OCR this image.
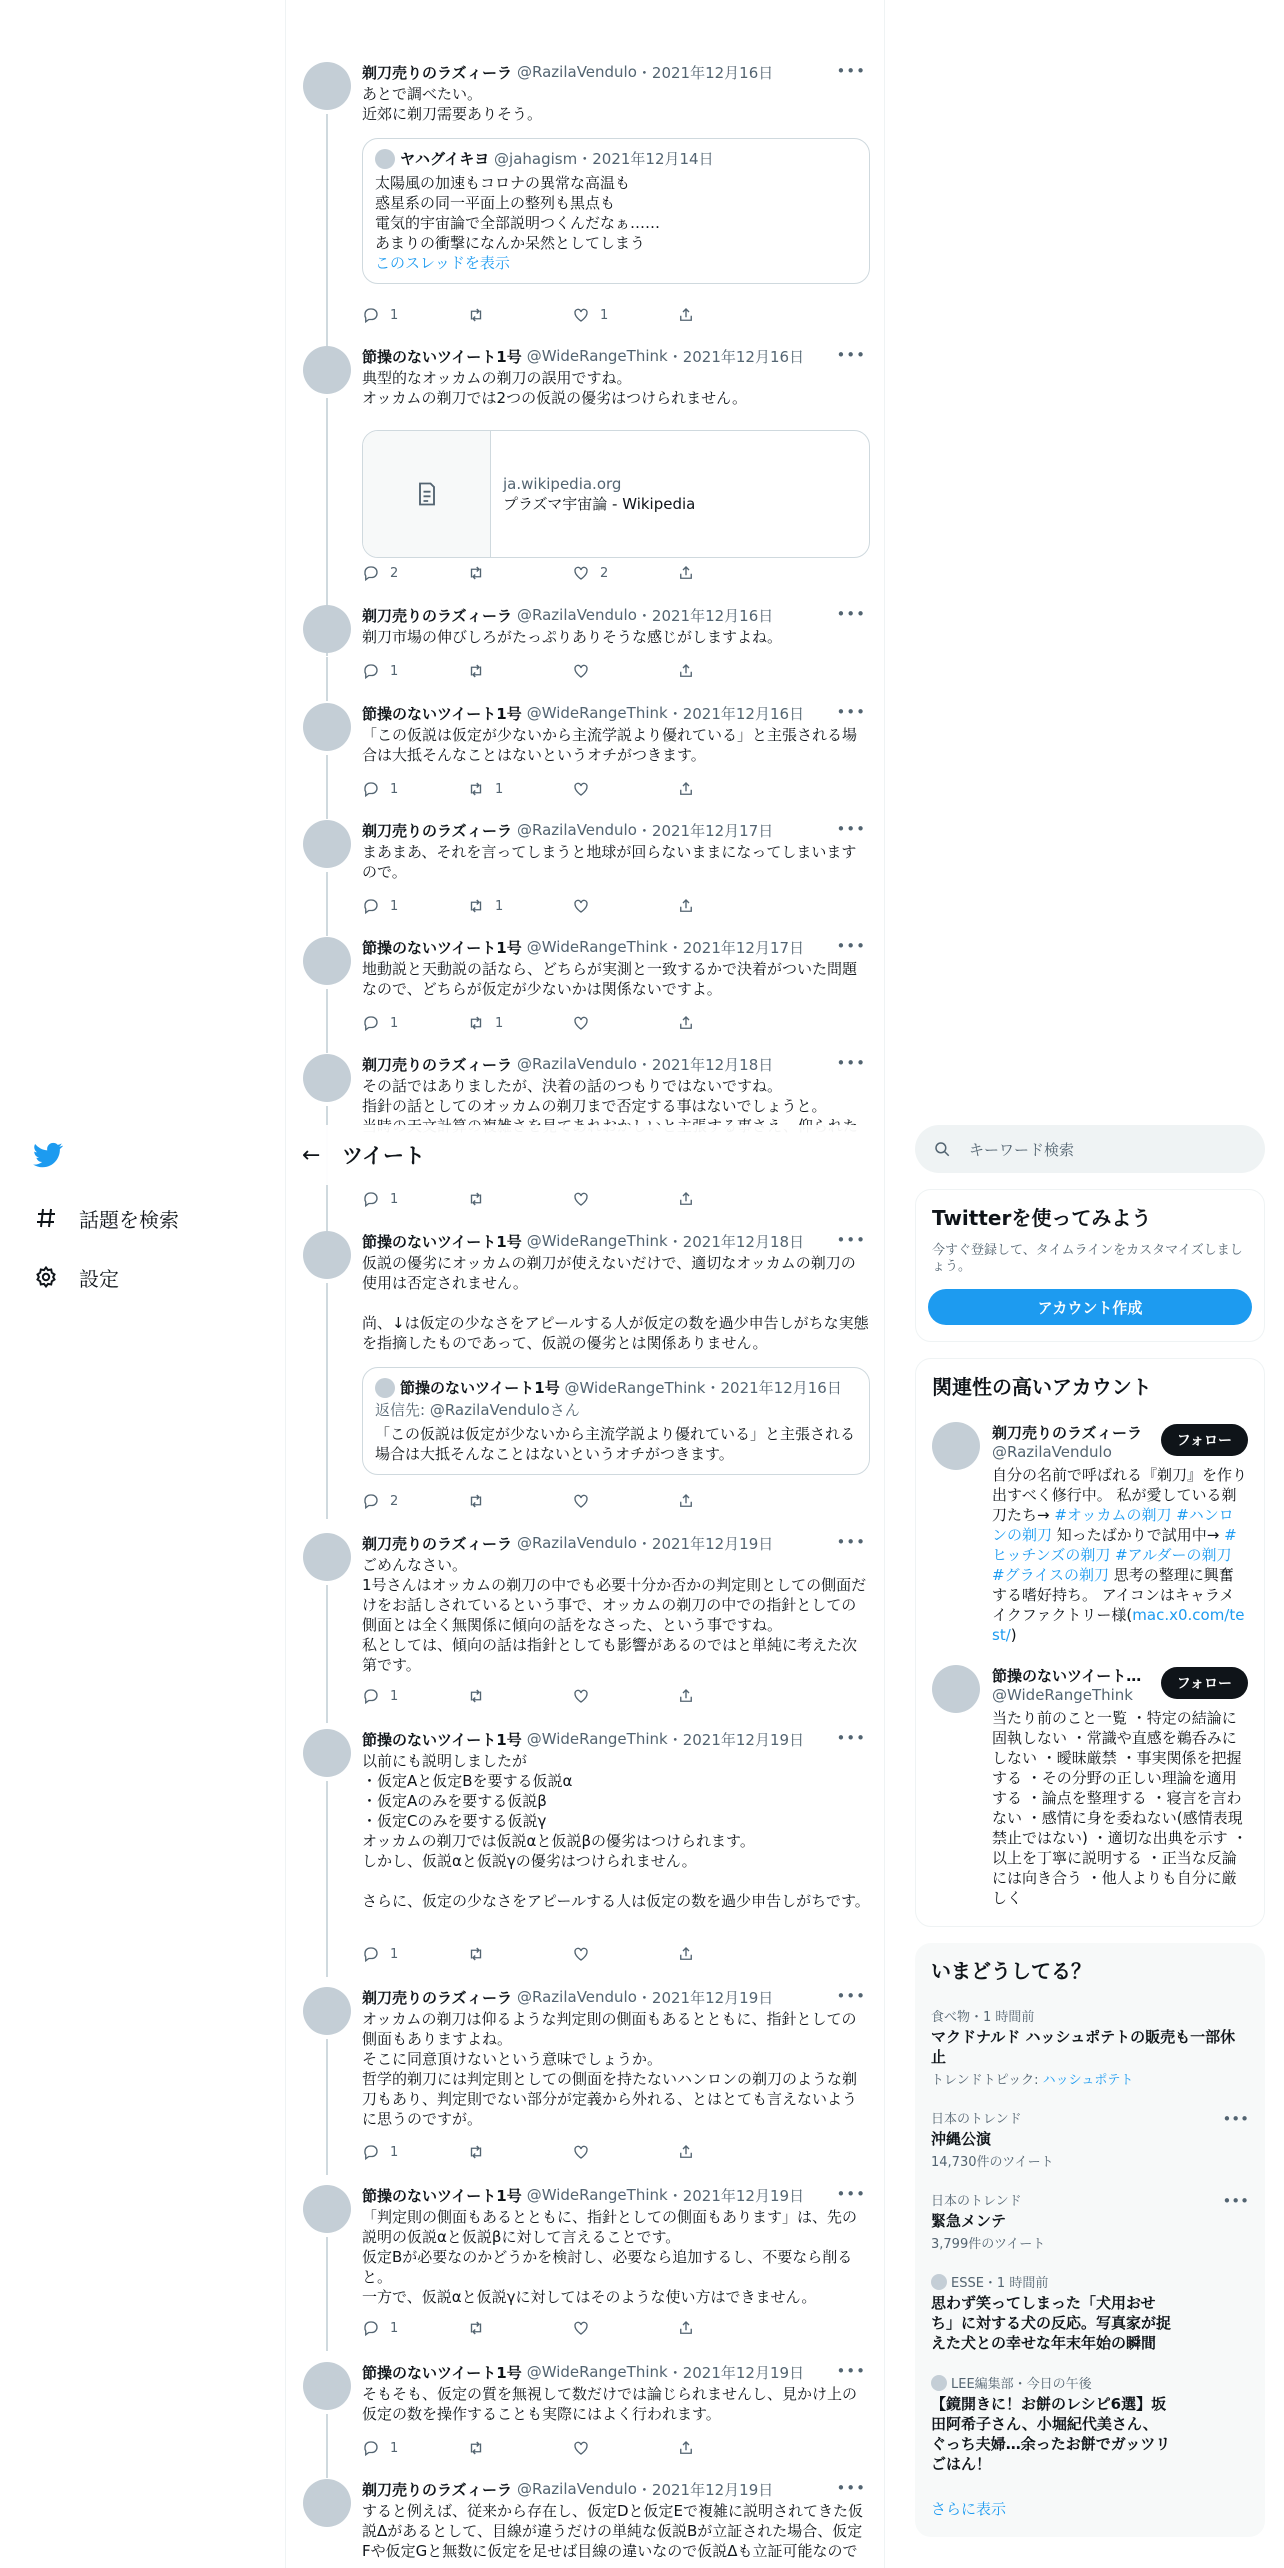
剃刀売りのラズィーラ @RazilaVendulo ・ 2021年12月16日	•••
あとで調べたい。
近郊に剃刀需要ありそう。
ヤハグイキヨ
@jahagism ・ 2021年12月14日
太陽風の加速もコロナの異常な高温も
惑星系の同一平面上の整列も黒点も
電気的宇宙論で全部説明つくんだなぁ……
あまりの衝撃になんか呆然としてしまう
このスレッドを表示
1	1
節操のないツイート1号 @WideRangeThink ・ 2021年12月16日 •••
典型的なオッカムの剃刀の誤用ですね。
オッカムの剃刀では2つの仮説の優劣はつけられません。
ja.wikipedia.org
プラズマ宇宙論 - Wikipedia
2	2
剃刀売りのラズィーラ @RazilaVendulo ・ 2021年12月16日	•••
剃刀市場の伸びしろがたっぷりありそうな感じがしますよね。
1
節操のないツイート1号 @WideRangeThink ・ 2021年12月16日 •••
「この仮説は仮定が少ないから主流学説より優れている」と主張される場合は大抵そんなことはないというオチがつきます。
1	1
剃刀売りのラズィーラ @RazilaVendulo ・ 2021年12月17日	•••
まあまあ、それを言ってしまうと地球が回らないままになってしまいますので。
1	1
節操のないツイート1号 @WideRangeThink ・ 2021年12月17日 •••
地動説と天動説の話なら、どちらが実測と一致するかで決着がついた問題なので、どちらが仮定が少ないかは関係ないですよ。
1	1
剃刀売りのラズィーラ @RazilaVendulo ・ 2021年12月18日	•••
その話ではありましたが、決着の話のつもりではないですね。
指針の話としてのオッカムの剃刀まで否定する事はないでしょうと。

1
節操のないツイート1号 @WideRangeThink ・ 2021年12月18日 •••
仮説の優劣にオッカムの剃刀が使えないだけで、適切なオッカムの剃刀の使用は否定されません。

尚、↓は仮定の少なさをアピールする人が仮定の数を過少申告しがちな実態を指摘したものであって、仮説の優劣とは関係ありません。
節操のないツイート1号
@WideRangeThink ・ 2021年12月16日
返信先: @RazilaVenduloさん
「この仮説は仮定が少ないから主流学説より優れている」と主張される場合は大抵そんなことはないというオチがつきます。
2
剃刀売りのラズィーラ @RazilaVendulo ・ 2021年12月19日	•••
ごめんなさい。
1号さんはオッカムの剃刀の中でも必要十分か否かの判定則としての側面だけをお話しされているという事で、オッカムの剃刀の中での指針としての側面とは全く無関係に傾向の話をなさった、という事ですね。
私としては、傾向の話は指針としても影響があるのではと単純に考えた次第です。
1
節操のないツイート1号 @WideRangeThink ・ 2021年12月19日 •••
以前にも説明しましたが
・仮定Aと仮定Bを要する仮説α
・仮定Aのみを要する仮説β
・仮定Cのみを要する仮説γ
オッカムの剃刀では仮説αと仮説βの優劣はつけられます。
しかし、仮説αと仮説γの優劣はつけられません。

さらに、仮定の少なさをアピールする人は仮定の数を過少申告しがちです。
1
剃刀売りのラズィーラ @RazilaVendulo ・ 2021年12月19日	•••
オッカムの剃刀は仰るような判定則の側面もあるとともに、指針としての側面もありますよね。
そこに同意頂けないという意味でしょうか。
哲学的剃刀には判定則としての側面を持たないハンロンの剃刀のような剃刀もあり、判定則でない部分が定義から外れる、とはとても言えないように思うのですが。
1
節操のないツイート1号 @WideRangeThink ・ 2021年12月19日 •••
「判定則の側面もあるとともに、指針としての側面もあります」は、先の説明の仮説αと仮説βに対して言えることです。
仮定Bが必要なのかどうかを検討し、必要なら追加するし、不要なら削ると。
一方で、仮説αと仮説γに対してはそのような使い方はできません。
1
節操のないツイート1号 @WideRangeThink ・ 2021年12月19日 •••
そもそも、仮定の質を無視して数だけでは論じられませんし、見かけ上の仮定の数を操作することも実際にはよく行われます。
1
剃刀売りのラズィーラ @RazilaVendulo ・ 2021年12月19日	•••
すると例えば、従来から存在し、仮定Dと仮定Eで複雑に説明されてきた仮説Δがあるとして、目線が違うだけの単純な仮説Βが立証された場合、仮定Fや仮定Gと無数に仮定を足せば目線の違いなので仮説Δも立証可能なので
←	ツイート
話題を検索
設定
キーワード検索
Twitterを使ってみよう
今すぐ登録して、タイムラインをカスタマイズしましょう。
アカウント作成
関連性の高いアカウント
剃刀売りのラズィーラ
@RazilaVendulo
自分の名前で呼ばれる『剃刀』を作り出すべく修行中。 私が愛している剃刀たち→ #オッカムの剃刀 #ハンロンの剃刀 知ったばかりで試用中→ #ヒッチンズの剃刀 #アルダーの剃刀 #グライスの剃刀 思考の整理に興奮する嗜好持ち。 アイコンはキャラメイクファクトリー様(mac.x0.com/test/)
フォロー
節操のないツイート…
@WideRangeThink
当たり前のこと一覧 ・特定の結論に固執しない ・常識や直感を鵜呑みにしない ・曖昧厳禁 ・事実関係を把握する ・その分野の正しい理論を適用する ・論点を整理する ・寝言を言わない ・感情に身を委ねない(感情表現禁止ではない) ・適切な出典を示す ・以上を丁寧に説明する ・正当な反論には向き合う ・他人よりも自分に厳しく
フォロー
いまどうしてる？
食べ物・1 時間前
マクドナルド ハッシュポテトの販売も一部休止
トレンドトピック: ハッシュポテト
日本のトレンド
沖縄公演
14,730件のツイート
•••
日本のトレンド
緊急メンテ
3,799件のツイート
•••
ESSE・1 時間前
思わず笑ってしまった「犬用おせち」に対する犬の反応。写真家が捉えた犬との幸せな年末年始の瞬間
LEE編集部・今日の午後
【鏡開きに！お餅のレシピ6選】坂田阿希子さん、小堀紀代美さん、ぐっち夫婦…余ったお餅でガッツリごはん！
さらに表示
